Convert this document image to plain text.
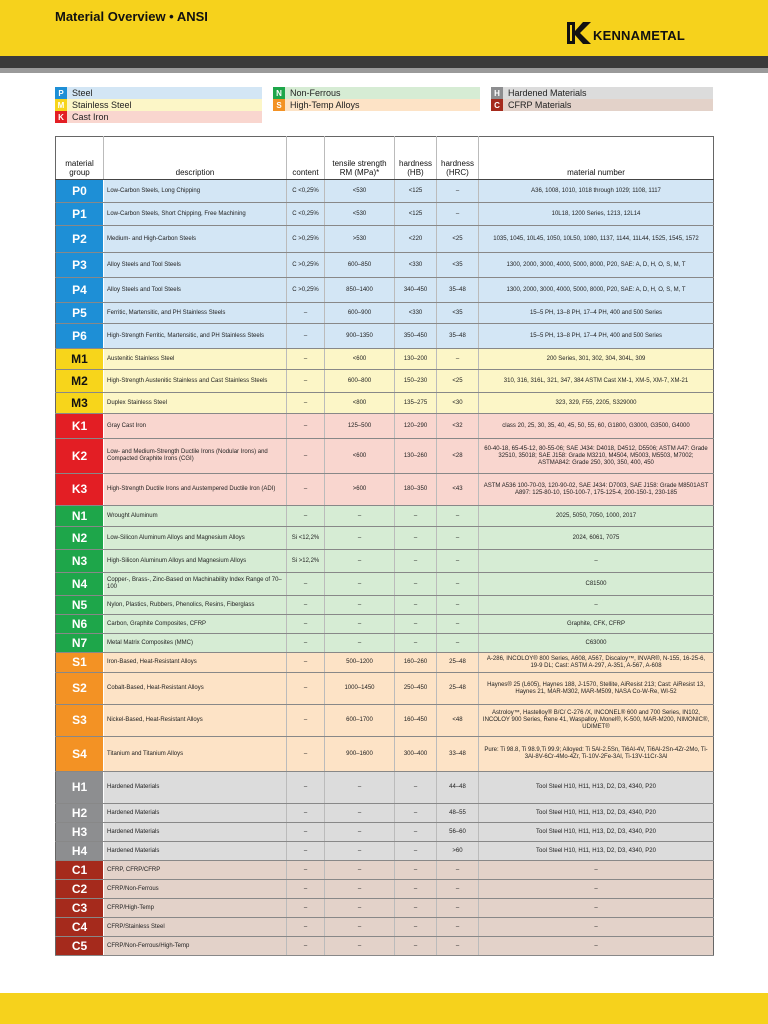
Material Overview • ANSI
KENNAMETAL
P Steel
M Stainless Steel
K Cast Iron
N Non-Ferrous
S High-Temp Alloys
H Hardened Materials
C CFRP Materials
material group	description	content	tensile strength RM (MPa)*	hardness (HB)	hardness (HRC)	material number
P0	Low-Carbon Steels, Long Chipping	C <0,25%	<530	<125	–	A36, 1008, 1010, 1018 through 1029; 1108, 1117
P1	Low-Carbon Steels, Short Chipping, Free Machining	C <0,25%	<530	<125	–	10L18, 1200 Series, 1213, 12L14
P2	Medium- and High-Carbon Steels	C >0,25%	>530	<220	<25	1035, 1045, 10L45, 1050, 10L50, 1080, 1137, 1144, 11L44, 1525, 1545, 1572
P3	Alloy Steels and Tool Steels	C >0,25%	600–850	<330	<35	1300, 2000, 3000, 4000, 5000, 8000, P20, SAE: A, D, H, O, S, M, T
P4	Alloy Steels and Tool Steels	C >0,25%	850–1400	340–450	35–48	1300, 2000, 3000, 4000, 5000, 8000, P20, SAE: A, D, H, O, S, M, T
P5	Ferritic, Martensitic, and PH Stainless Steels	–	600–900	<330	<35	15–5 PH, 13–8 PH, 17–4 PH, 400 and 500 Series
P6	High-Strength Ferritic, Martensitic, and PH Stainless Steels	–	900–1350	350–450	35–48	15–5 PH, 13–8 PH, 17–4 PH, 400 and 500 Series
M1	Austenitic Stainless Steel	–	<600	130–200	–	200 Series, 301, 302, 304, 304L, 309
M2	High-Strength Austenitic Stainless and Cast Stainless Steels	–	600–800	150–230	<25	310, 316, 316L, 321, 347, 384 ASTM Cast XM-1, XM-5, XM-7, XM-21
M3	Duplex Stainless Steel	–	<800	135–275	<30	323, 329, F55, 2205, S329000
K1	Gray Cast Iron	–	125–500	120–290	<32	class 20, 25, 30, 35, 40, 45, 50, 55, 60, G1800, G3000, G3500, G4000
K2	Low- and Medium-Strength Ductile Irons (Nodular Irons) and Compacted Graphite Irons (CGI)	–	<600	130–260	<28	60-40-18, 65-45-12, 80-55-06; SAE J434: D4018, D4512, D5506; ASTM A47: Grade 32510, 35018; SAE J158: Grade M3210, M4504, M5003, M5503, M7002; ASTMA842: Grade 250, 300, 350, 400, 450
K3	High-Strength Ductile Irons and Austempered Ductile Iron (ADI)	–	>600	180–350	<43	ASTM A536 100-70-03, 120-90-02, SAE J434: D7003, SAE J158: Grade M8501AST A897: 125-80-10, 150-100-7, 175-125-4, 200-150-1, 230-185
N1	Wrought Aluminum	–	–	–	–	2025, 5050, 7050, 1000, 2017
N2	Low-Silicon Aluminum Alloys and Magnesium Alloys	Si <12,2%	–	–	–	2024, 6061, 7075
N3	High-Silicon Aluminum Alloys and Magnesium Alloys	Si >12,2%	–	–	–	–
N4	Copper-, Brass-, Zinc-Based on Machinability Index Range of 70–100	–	–	–	–	C81500
N5	Nylon, Plastics, Rubbers, Phenolics, Resins, Fiberglass	–	–	–	–	–
N6	Carbon, Graphite Composites, CFRP	–	–	–	–	Graphite, CFK, CFRP
N7	Metal Matrix Composites (MMC)	–	–	–	–	C63000
S1	Iron-Based, Heat-Resistant Alloys	–	500–1200	160–260	25–48	A-286, INCOLOY® 800 Series, A608, A567, Discaloy™, INVAR®, N-155, 16-25-6, 19-9 DL; Cast: ASTM A-297, A-351, A-567, A-608
S2	Cobalt-Based, Heat-Resistant Alloys	–	1000–1450	250–450	25–48	Haynes® 25 (L605), Haynes 188, J-1570, Stellite, AiResist 213; Cast: AiResist 13, Haynes 21, MAR-M302, MAR-M509, NASA Co-W-Re, WI-52
S3	Nickel-Based, Heat-Resistant Alloys	–	600–1700	160–450	<48	Astroloy™, Hastelloy® B/C/ C-276 /X, INCONEL® 600 and 700 Series, IN102, INCOLOY 900 Series, Rene 41, Waspalloy, Monel®, K-500, MAR-M200, NIMONIC®, UDIMET®
S4	Titanium and Titanium Alloys	–	900–1600	300–400	33–48	Pure: Ti 98.8, Ti 98.9,Ti 99.9; Alloyed: Ti 5Al-2.5Sn, Ti6Al-4V, Ti6Al-2Sn-4Zr-2Mo, Ti-3Al-8V-6Cr-4Mo-4Zr, Ti-10V-2Fe-3Al, Ti-13V-11Cr-3Al
H1	Hardened Materials	–	–	–	44–48	Tool Steel H10, H11, H13, D2, D3, 4340, P20
H2	Hardened Materials	–	–	–	48–55	Tool Steel H10, H11, H13, D2, D3, 4340, P20
H3	Hardened Materials	–	–	–	56–60	Tool Steel H10, H11, H13, D2, D3, 4340, P20
H4	Hardened Materials	–	–	–	>60	Tool Steel H10, H11, H13, D2, D3, 4340, P20
C1	CFRP, CFRP/CFRP	–	–	–	–	–
C2	CFRP/Non-Ferrous	–	–	–	–	–
C3	CFRP/High-Temp	–	–	–	–	–
C4	CFRP/Stainless Steel	–	–	–	–	–
C5	CFRP/Non-Ferrous/High-Temp	–	–	–	–	–
